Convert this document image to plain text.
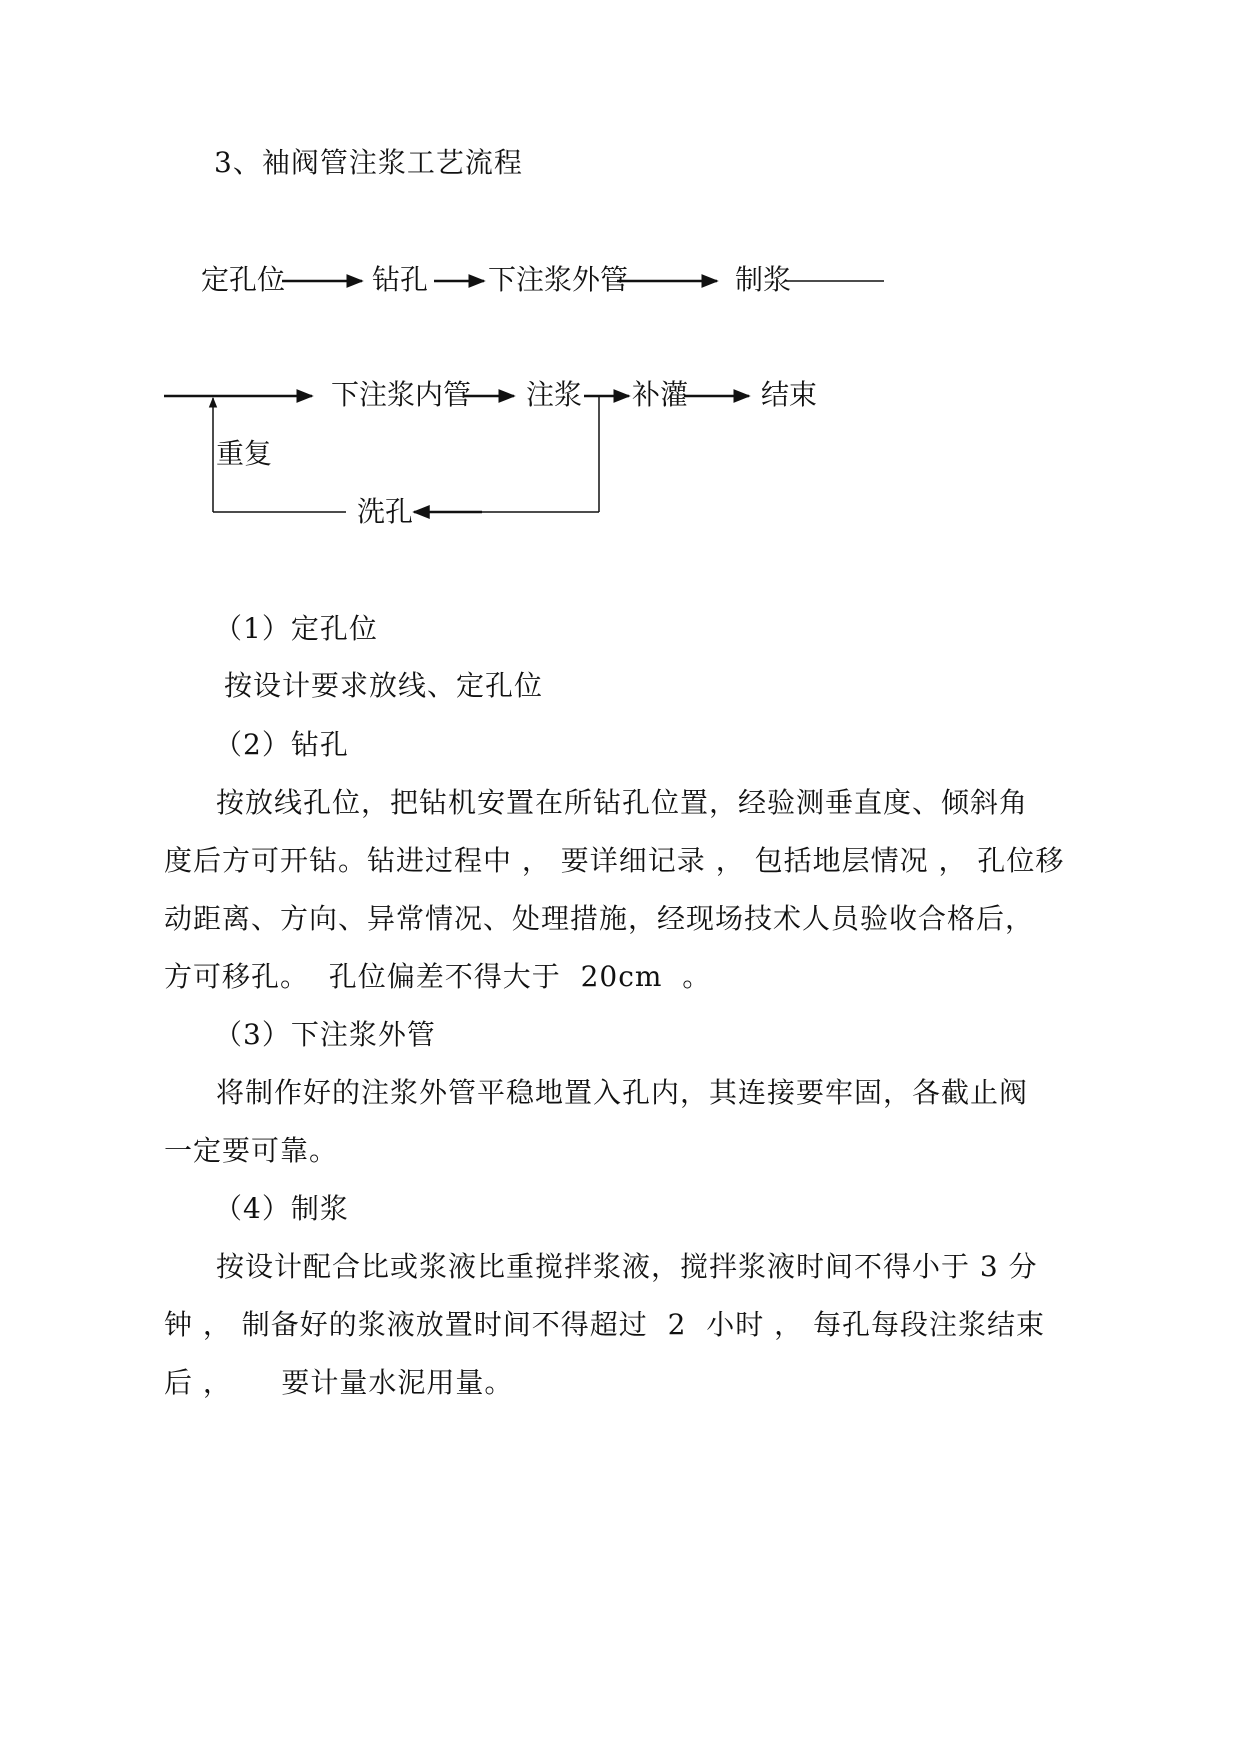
3、袖阀管注浆工艺流程
定孔位	钻孔 下注浆外管	制浆
下注浆内管 注浆 补灌	结束
重复
洗孔
（1）定孔位
按设计要求放线、定孔位
（2）钻孔
按放线孔位，把钻机安置在所钻孔位置，经验测垂直度、倾斜角
度后方可开钻。钻进过程中 ， 要详细记录 ， 包括地层情况 ， 孔位移
动距离、方向、异常情况、处理措施，经现场技术人员验收合格后，
方可移孔。  孔位偏差不得大于  20cm  。
（3）下注浆外管
将制作好的注浆外管平稳地置入孔内，其连接要牢固，各截止阀
一定要可靠。
（4）制浆
按设计配合比或浆液比重搅拌浆液，搅拌浆液时间不得小于 3 分
钟 ， 制备好的浆液放置时间不得超过  2  小时 ， 每孔每段注浆结束
后 ，     要计量水泥用量。
